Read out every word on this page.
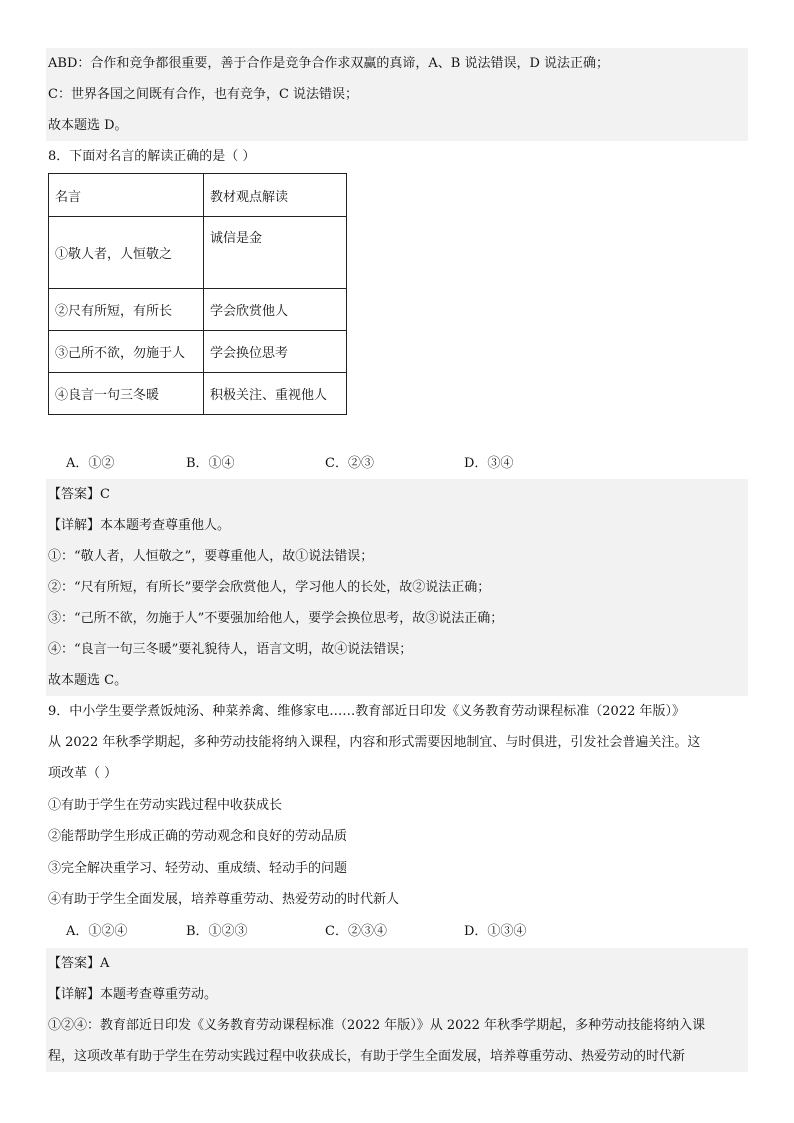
ABD：合作和竞争都很重要，善于合作是竞争合作求双赢的真谛，A、B 说法错误，D 说法正确；
C：世界各国之间既有合作，也有竞争，C 说法错误；
故本题选 D。
8．下面对名言的解读正确的是（ ）
名言	教材观点解读
①敬人者，人恒敬之	诚信是金
②尺有所短，有所长	学会欣赏他人
③己所不欲，勿施于人	学会换位思考
④良言一句三冬暖	积极关注、重视他人
A．①②	B．①④	C．②③	D．③④
【答案】C
【详解】本本题考查尊重他人。
①：“敬人者，人恒敬之”，要尊重他人，故①说法错误；
②：“尺有所短，有所长”要学会欣赏他人，学习他人的长处，故②说法正确；
③：“己所不欲，勿施于人”不要强加给他人，要学会换位思考，故③说法正确；
④：“良言一句三冬暖”要礼貌待人，语言文明，故④说法错误；
故本题选 C。
9．中小学生要学煮饭炖汤、种菜养禽、维修家电……教育部近日印发《义务教育劳动课程标准（2022 年版）》
从 2022 年秋季学期起，多种劳动技能将纳入课程，内容和形式需要因地制宜、与时俱进，引发社会普遍关注。这
项改革（ ）
①有助于学生在劳动实践过程中收获成长
②能帮助学生形成正确的劳动观念和良好的劳动品质
③完全解决重学习、轻劳动、重成绩、轻动手的问题
④有助于学生全面发展，培养尊重劳动、热爱劳动的时代新人
A．①②④	B．①②③	C．②③④	D．①③④
【答案】A
【详解】本题考查尊重劳动。
①②④：教育部近日印发《义务教育劳动课程标准（2022 年版）》从 2022 年秋季学期起，多种劳动技能将纳入课
程，这项改革有助于学生在劳动实践过程中收获成长，有助于学生全面发展，培养尊重劳动、热爱劳动的时代新
